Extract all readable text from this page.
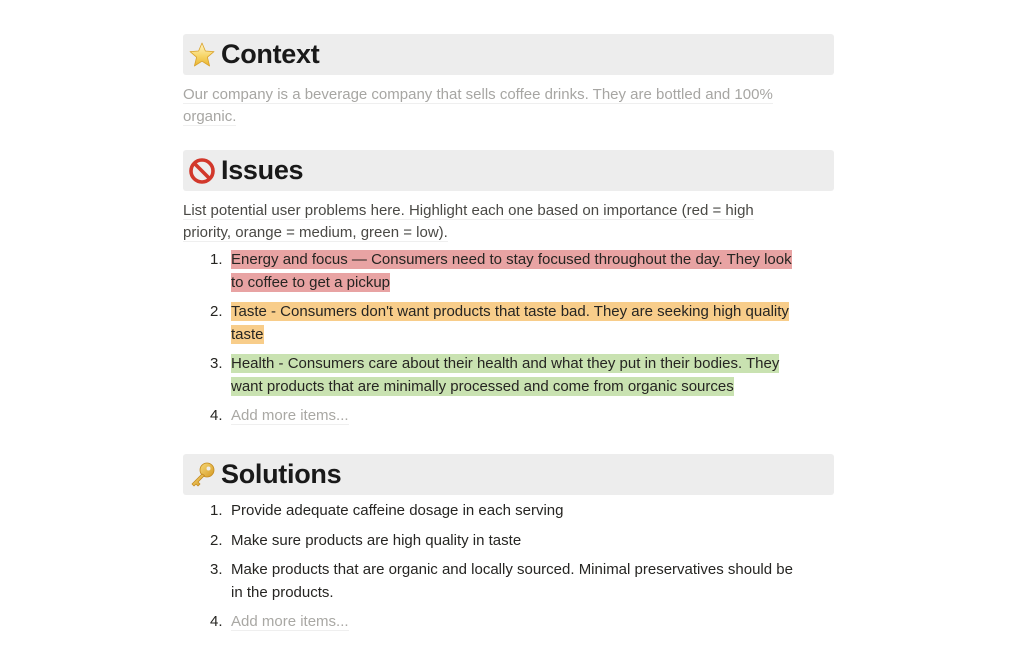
Context
Our company is a beverage company that sells coffee drinks. They are bottled and 100%
organic.
Issues
List potential user problems here. Highlight each one based on importance (red = high
priority, orange = medium, green = low).
1. Energy and focus — Consumers need to stay focused throughout the day. They look
to coffee to get a pickup
2. Taste - Consumers don't want products that taste bad. They are seeking high quality
taste
3. Health - Consumers care about their health and what they put in their bodies. They
want products that are minimally processed and come from organic sources
4. Add more items...
Solutions
1. Provide adequate caffeine dosage in each serving
2. Make sure products are high quality in taste
3. Make products that are organic and locally sourced. Minimal preservatives should be
in the products.
4. Add more items...
